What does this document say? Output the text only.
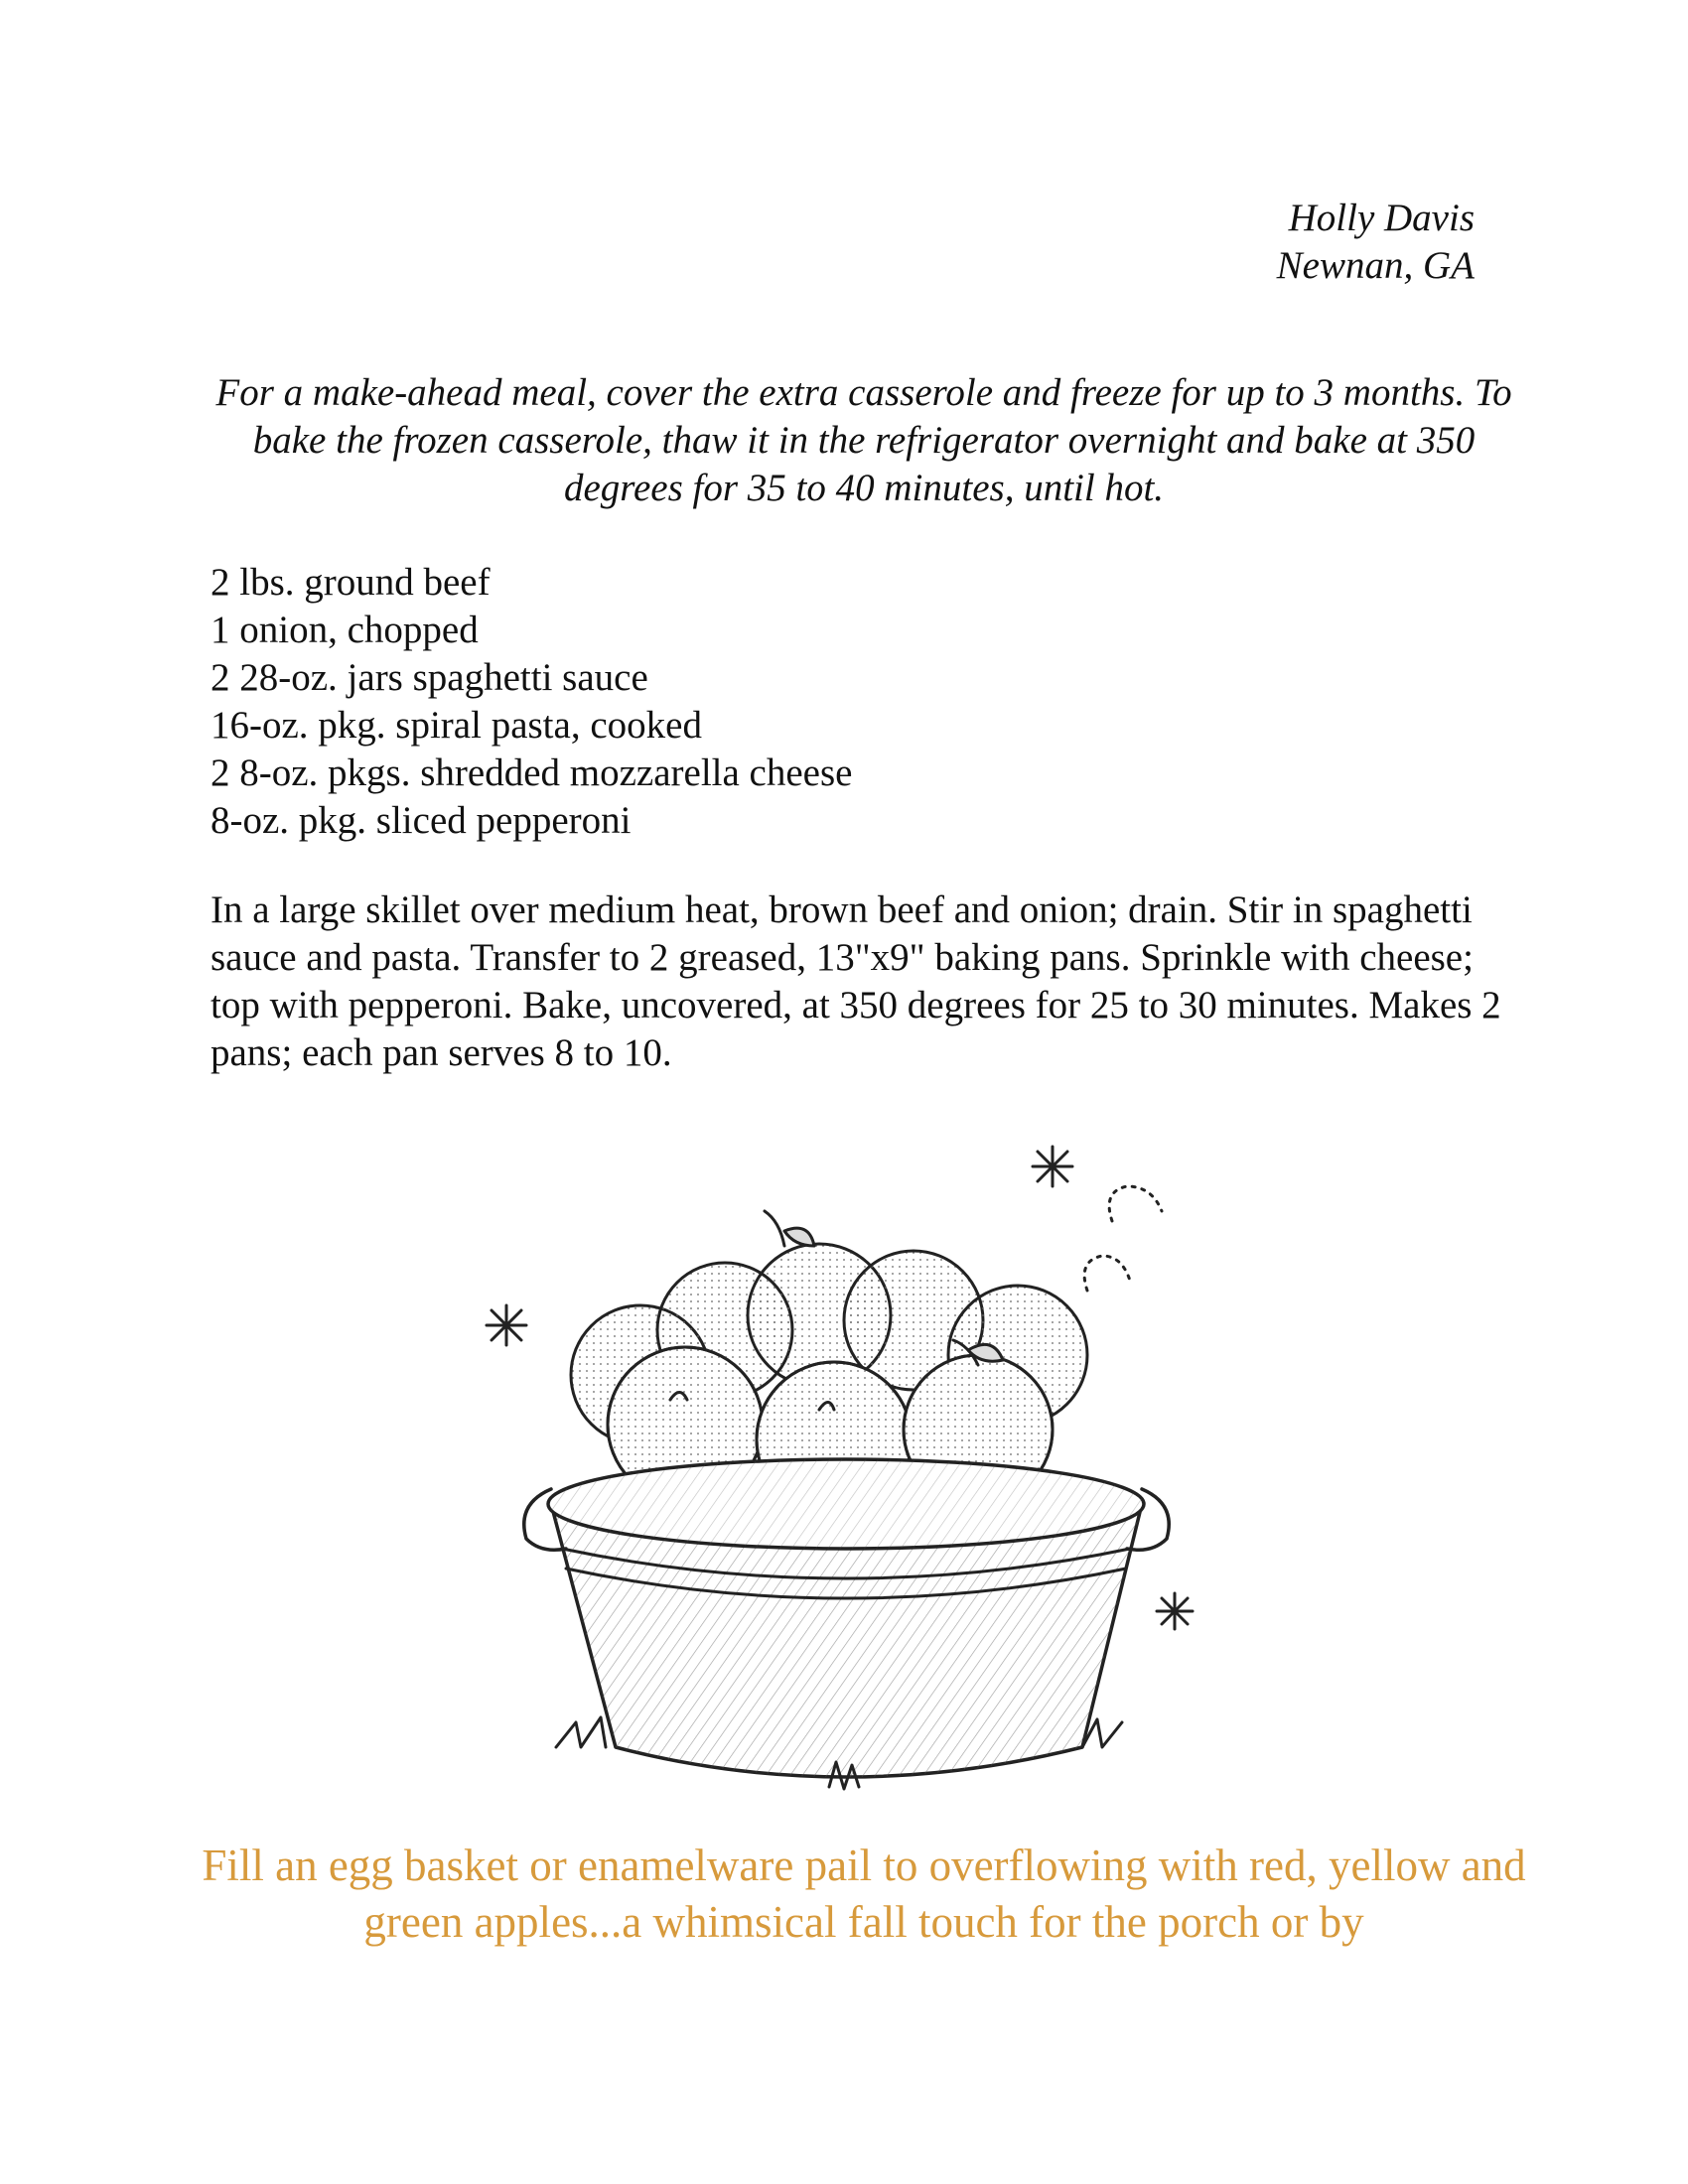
Holly Davis
Newnan, GA

For a make-ahead meal, cover the extra casserole and freeze for up to 3 months. To bake the frozen casserole, thaw it in the refrigerator overnight and bake at 350 degrees for 35 to 40 minutes, until hot.

2 lbs. ground beef
1 onion, chopped
2 28-oz. jars spaghetti sauce
16-oz. pkg. spiral pasta, cooked
2 8-oz. pkgs. shredded mozzarella cheese
8-oz. pkg. sliced pepperoni

In a large skillet over medium heat, brown beef and onion; drain. Stir in spaghetti sauce and pasta. Transfer to 2 greased, 13"x9" baking pans. Sprinkle with cheese; top with pepperoni. Bake, uncovered, at 350 degrees for 25 to 30 minutes. Makes 2 pans; each pan serves 8 to 10.

Fill an egg basket or enamelware pail to overflowing with red, yellow and green apples...a whimsical fall touch for the porch or by
